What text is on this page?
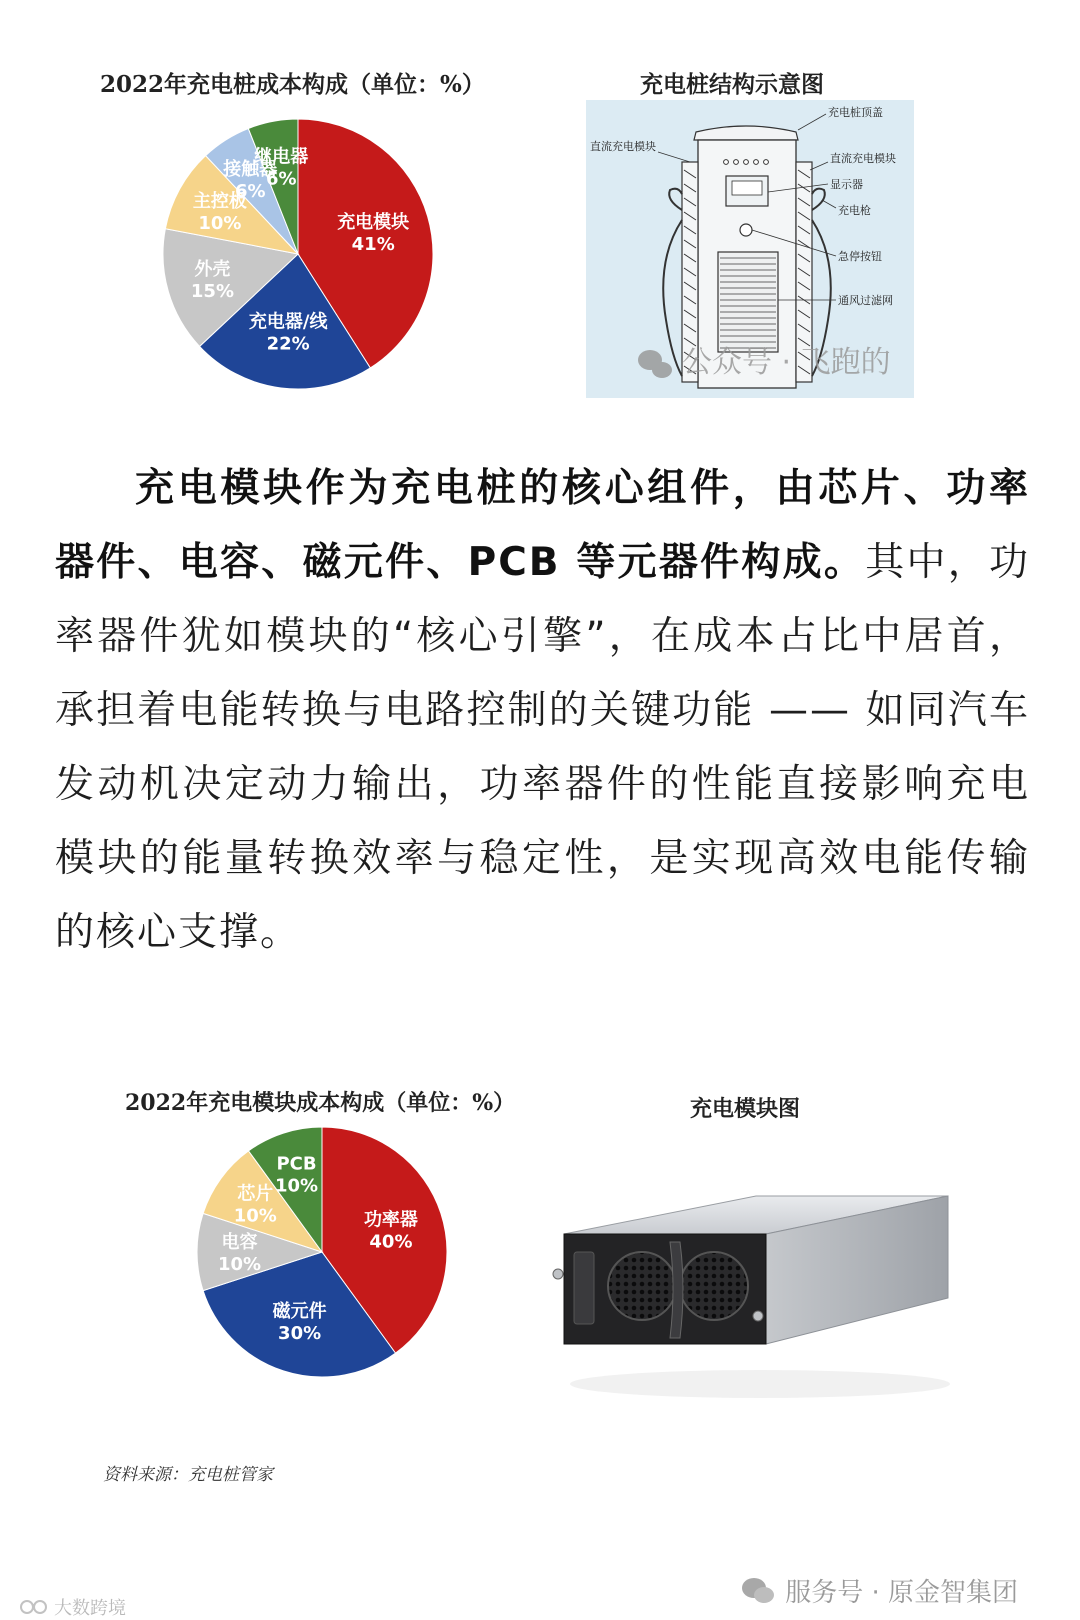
2022年充电桩成本构成（单位：%）
充电模块
41%
充电器/线
22%
外壳
15%
主控板
10%
接触器
6%
继电器
6%
充电桩结构示意图
充电桩顶盖
直流充电模块
直流充电模块
显示器
充电枪
急停按钮
通风过滤网
公众号 · 飞跑的
充电模块作为充电桩的核心组件，由芯片、功率器件、电容、磁元件、PCB 等元器件构成。其中，功率器件犹如模块的“核心引擎”，在成本占比中居首，承担着电能转换与电路控制的关键功能 —— 如同汽车发动机决定动力输出，功率器件的性能直接影响充电模块的能量转换效率与稳定性，是实现高效电能传输的核心支撑。
2022年充电模块成本构成（单位：%）
功率器
40%
磁元件
30%
电容
10%
芯片
10%
PCB
10%
充电模块图
资料来源：充电桩管家
服务号 · 原金智集团
大数跨境
